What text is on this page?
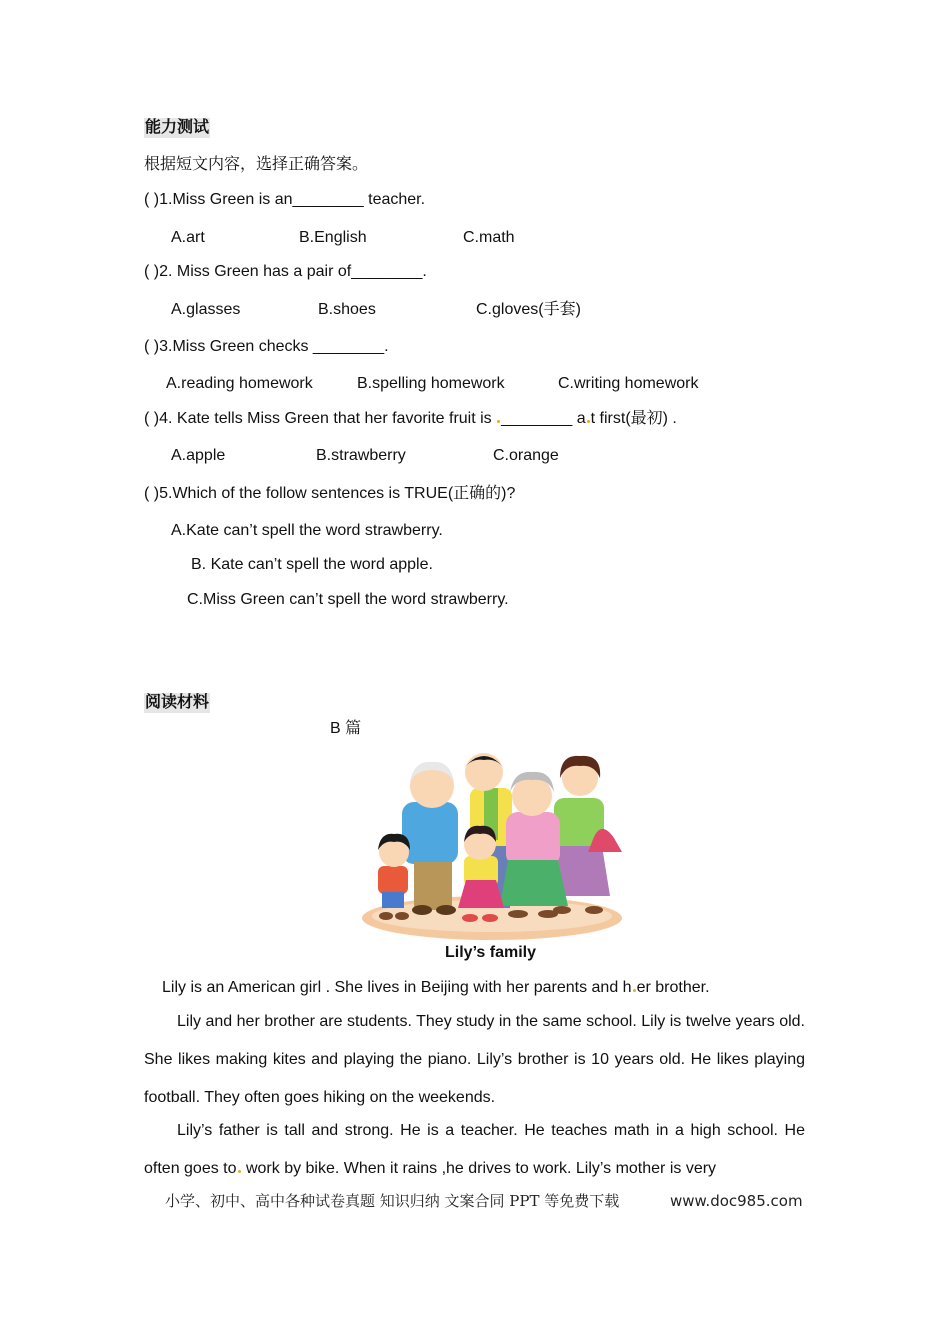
能力测试
根据短文内容，选择正确答案。
( )1.Miss Green is an________ teacher.
A.art	B.English	C.math
( )2. Miss Green has a pair of________.
A.glasses	B.shoes	C.gloves(手套)
( )3.Miss Green checks ________.
A.reading homework	B.spelling homework	C.writing homework
( )4. Kate tells Miss Green that her favorite fruit is ________ a t first(最初) .
A.apple	B.strawberry	C.orange
( )5.Which of the follow sentences is TRUE(正确的)?
A.Kate can’t spell the word strawberry.
B. Kate can’t spell the word apple.
C.Miss Green can’t spell the word strawberry.
阅读材料
B 篇
Lily’s family
Lily is an American girl . She lives in Beijing with her parents and h er brother.
Lily and her brother are students. They study in the same school. Lily is twelve years old. She likes making kites and playing the piano. Lily’s brother is 10 years old. He likes playing football. They often goes hiking on the weekends.
Lily’s father is tall and strong. He is a teacher. He teaches math in a high school. He often goes to work by bike. When it rains ,he drives to work. Lily’s mother is very
小学、初中、高中各种试卷真题 知识归纳 文案合同 PPT 等免费下载	www.doc985.com
